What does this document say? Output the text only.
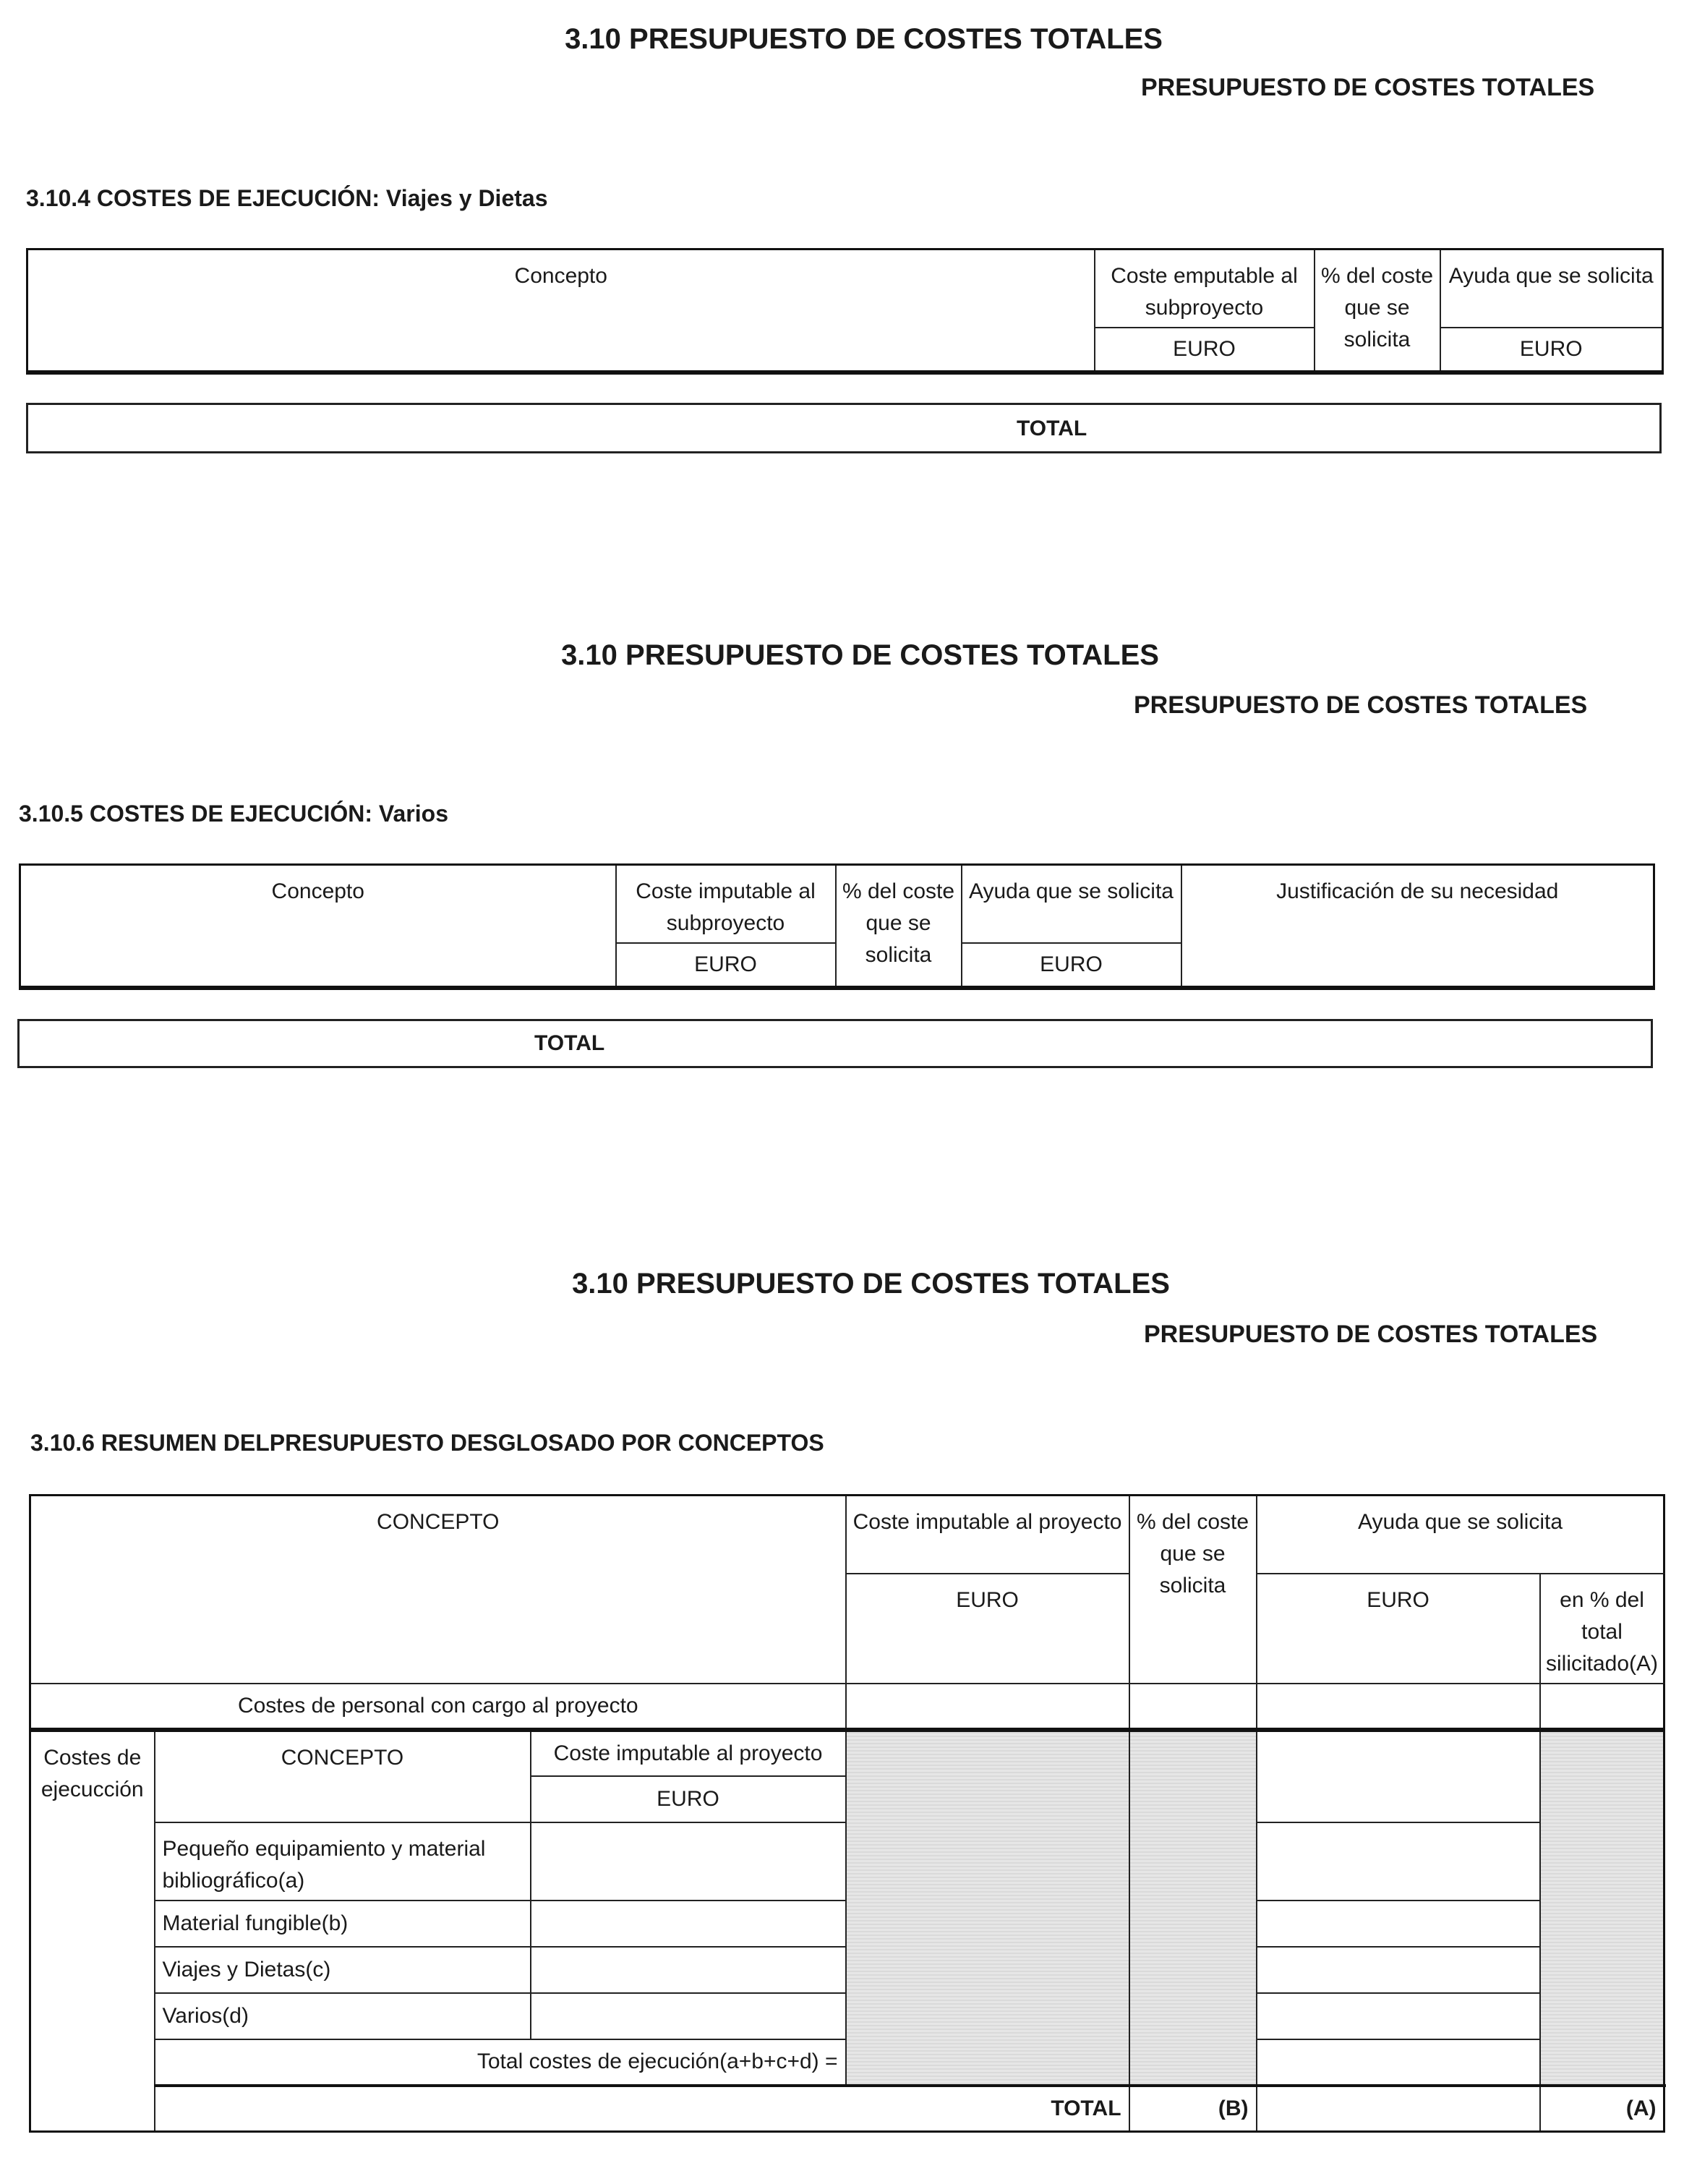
3.10 PRESUPUESTO DE COSTES TOTALES
PRESUPUESTO DE COSTES TOTALES
3.10.4 COSTES DE EJECUCIÓN: Viajes y Dietas
Concepto	Coste emputable al subproyecto	% del coste que se solicita	Ayuda que se solicita
	EURO		EURO
TOTAL
3.10 PRESUPUESTO DE COSTES TOTALES
PRESUPUESTO DE COSTES TOTALES
3.10.5 COSTES DE EJECUCIÓN: Varios
Concepto	Coste imputable al subproyecto	% del coste que se solicita	Ayuda que se solicita	Justificación de su necesidad
	EURO		EURO	
TOTAL
3.10 PRESUPUESTO DE COSTES TOTALES
PRESUPUESTO DE COSTES TOTALES
3.10.6 RESUMEN DELPRESUPUESTO DESGLOSADO POR CONCEPTOS
CONCEPTO			Coste imputable al proyecto	% del coste que se solicita	Ayuda que se solicita		
			EURO		EURO	en % del total silicitado(A)	
Costes de personal con cargo al proyecto							
Costes de ejecucción	CONCEPTO	Coste imputable al proyecto					
		EURO					
	Pequeño equipamiento y material bibliográfico(a)						
	Material fungible(b)						
	Viajes y Dietas(c)						
	Varios(d)						
	Total costes de ejecución(a+b+c+d) =						
	TOTAL			(B)		(A)	
